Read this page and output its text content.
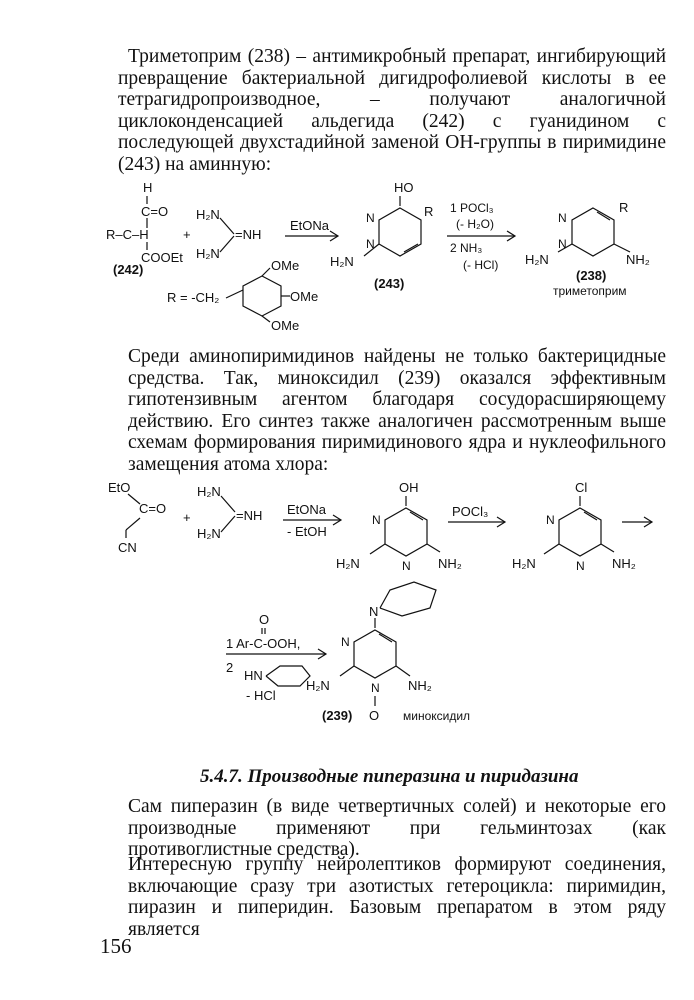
Триметоприм (238) – антимикробный препарат, ингибирующий превращение бактериальной дигидрофолиевой кислоты в ее тетрагидропроизводное, – получают аналогичной циклоконденсацией альдегида (242) с гуанидином с последующей двухстадийной заменой ОН-группы в пиримидине (243) на аминную:
H
C=O
R–C–H
COOEt
(242)
+
H₂N
H₂N
=NH
EtONa
HO
R
N
N
H₂N
(243)
1 POCl₃
(- H₂O)
2 NH₃
(- HCl)
R
N
N
NH₂
H₂N
(238)
триметоприм
R = -CH₂
OMe
OMe
OMe
Среди аминопиримидинов найдены не только бактерицидные средства. Так, миноксидил (239) оказался эффективным гипотензивным агентом благодаря сосудорасширяющему действию. Его синтез также аналогичен рассмотренным выше схемам формирования пиримидинового ядра и нуклеофильного замещения атома хлора:
EtO
C=O
CN
+
H₂N
H₂N
=NH EtONa
- EtOH
OH
N
N
H₂N	NH₂
POCl₃
Cl
N
N
H₂N	NH₂
O
1 Ar-C-OOH,
2
HN
- HCl
N
N
N
H₂N	NH₂
O
(239)	миноксидил
5.4.7. Производные пиперазина и пиридазина
Сам пиперазин (в виде четвертичных солей) и некоторые его производные применяют при гельминтозах (как противоглистные средства).
Интересную группу нейролептиков формируют соединения, включающие сразу три азотистых гетероцикла: пиримидин, пиразин и пиперидин. Базовым препаратом в этом ряду является
156
